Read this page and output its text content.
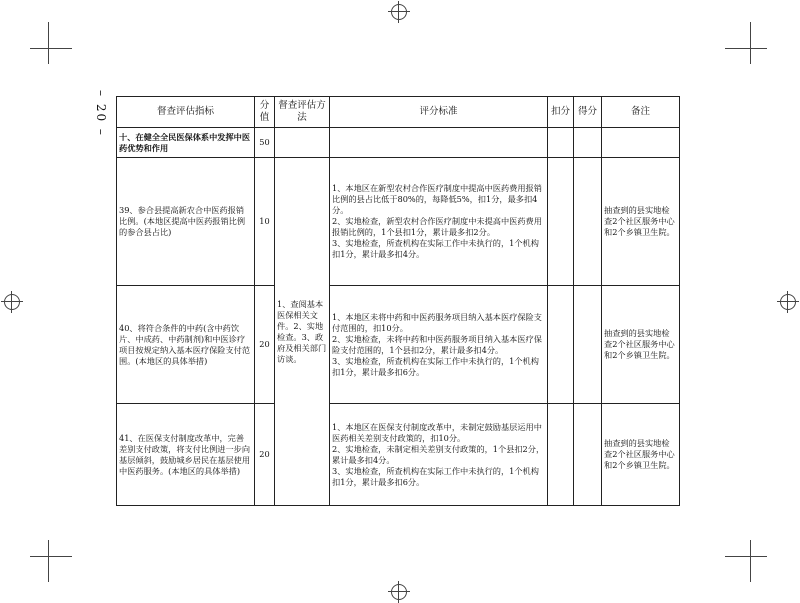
– 20 –	督查评估指标	分值	督查评估方法	评分标准	扣分	得分	备注
十、在健全全民医保体系中发挥中医药优势和作用	50					
39、参合县提高新农合中医药报销比例。(本地区提高中医药报销比例的参合县占比)	10	1、查阅基本医保相关文件。2、实地检查。3、政府及相关部门访谈。	1、本地区在新型农村合作医疗制度中提高中医药费用报销比例的县占比低于80%的，每降低5%，扣1分，最多扣4分。
2、实地检查，新型农村合作医疗制度中未提高中医药费用报销比例的，1个县扣1分，累计最多扣2分。
3、实地检查，所查机构在实际工作中未执行的，1个机构扣1分，累计最多扣4分。			抽查到的县实地检查2个社区服务中心和2个乡镇卫生院。
40、将符合条件的中药(含中药饮片、中成药、中药制剂)和中医诊疗项目按规定纳入基本医疗保险支付范围。(本地区的具体举措)	20		1、本地区未将中药和中医药服务项目纳入基本医疗保险支付范围的，扣10分。
2、实地检查，未将中药和中医药服务项目纳入基本医疗保险支付范围的，1个县扣2分，累计最多扣4分。
3、实地检查，所查机构在实际工作中未执行的，1个机构扣1分，累计最多扣6分。			抽查到的县实地检查2个社区服务中心和2个乡镇卫生院。
41、在医保支付制度改革中，完善差别支付政策，将支付比例进一步向基层倾斜，鼓励城乡居民在基层使用中医药服务。(本地区的具体举措)	20		1、本地区在医保支付制度改革中，未制定鼓励基层运用中医药相关差别支付政策的，扣10分。
2、实地检查，未制定相关差别支付政策的，1个县扣2分，累计最多扣4分。
3、实地检查，所查机构在实际工作中未执行的，1个机构扣1分，累计最多扣6分。			抽查到的县实地检查2个社区服务中心和2个乡镇卫生院。
